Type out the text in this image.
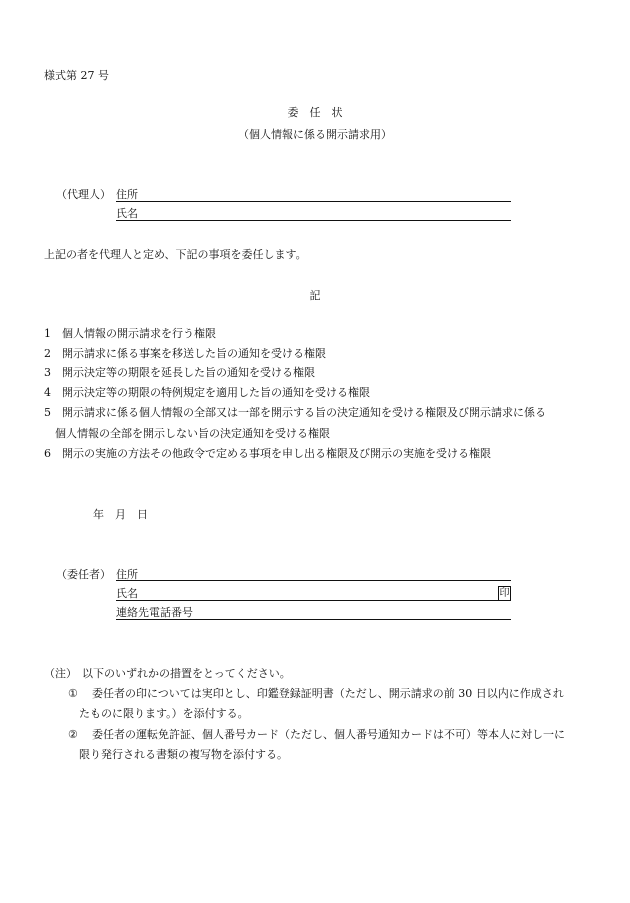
様式第 27 号
委　任　状
（個人情報に係る開示請求用）
（代理人） 住所
氏名
上記の者を代理人と定め、下記の事項を委任します。
記
1 個人情報の開示請求を行う権限
2 開示請求に係る事案を移送した旨の通知を受ける権限
3 開示決定等の期限を延長した旨の通知を受ける権限
4 開示決定等の期限の特例規定を適用した旨の通知を受ける権限
5 開示請求に係る個人情報の全部又は一部を開示する旨の決定通知を受ける権限及び開示請求に係る
個人情報の全部を開示しない旨の決定通知を受ける権限
6 開示の実施の方法その他政令で定める事項を申し出る権限及び開示の実施を受ける権限
年　月　日
（委任者） 住所
氏名	印
連絡先電話番号
（注） 以下のいずれかの措置をとってください。
① 委任者の印については実印とし、印鑑登録証明書（ただし、開示請求の前 30 日以内に作成され
たものに限ります。）を添付する。
② 委任者の運転免許証、個人番号カード（ただし、個人番号通知カードは不可）等本人に対し一に
限り発行される書類の複写物を添付する。
